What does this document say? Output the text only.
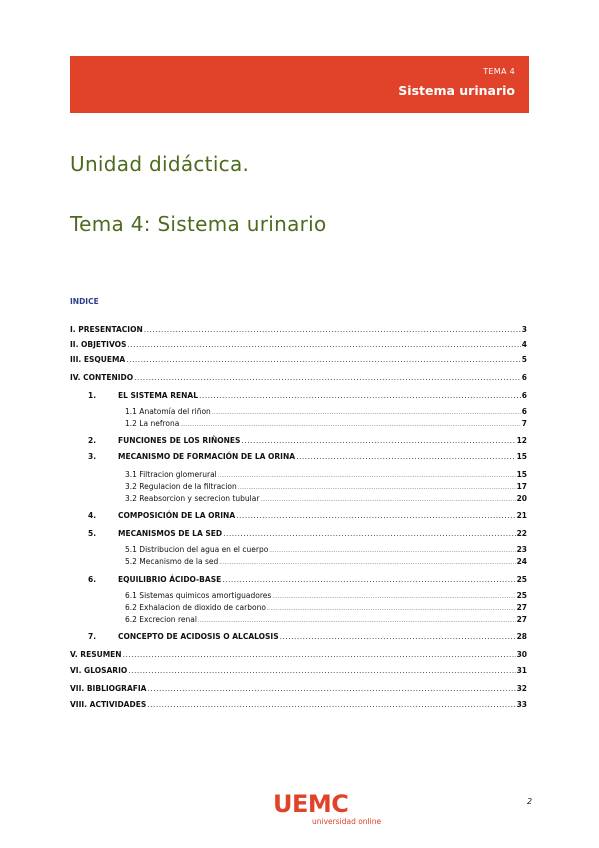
TEMA 4
Sistema urinario
Unidad didáctica.
Tema 4: Sistema urinario
INDICE
I. PRESENTACION .....	3
II. OBJETIVOS .....	4
III. ESQUEMA .....	5
IV. CONTENIDO .....	6
1.	EL SISTEMA RENAL .....	6
1.1 Anatomía del riñon .....	6
1.2 La nefrona .....	7
2.	FUNCIONES DE LOS RIÑONES .....	12
3.	MECANISMO DE FORMACIÓN DE LA ORINA .....	15
3.1 Filtracion glomerural .....	15
3.2 Regulacion de la filtracion .....	17
3.2 Reabsorcion y secrecion tubular .....	20
4.	COMPOSICIÓN DE LA ORINA .....	21
5.	MECANISMOS DE LA SED .....	22
5.1 Distribucion del agua en el cuerpo .....	23
5.2 Mecanismo de la sed .....	24
6.	EQUILIBRIO ÁCIDO-BASE .....	25
6.1 Sistemas quimicos amortiguadores .....	25
6.2 Exhalacion de dioxido de carbono .....	27
6.2 Excrecion renal .....	27
7.	CONCEPTO DE ACIDOSIS O ALCALOSIS .....	28
V. RESUMEN .....	30
VI. GLOSARIO .....	31
VII. BIBLIOGRAFIA .....	32
VIII. ACTIVIDADES .....	33
UEMC
universidad online
2
